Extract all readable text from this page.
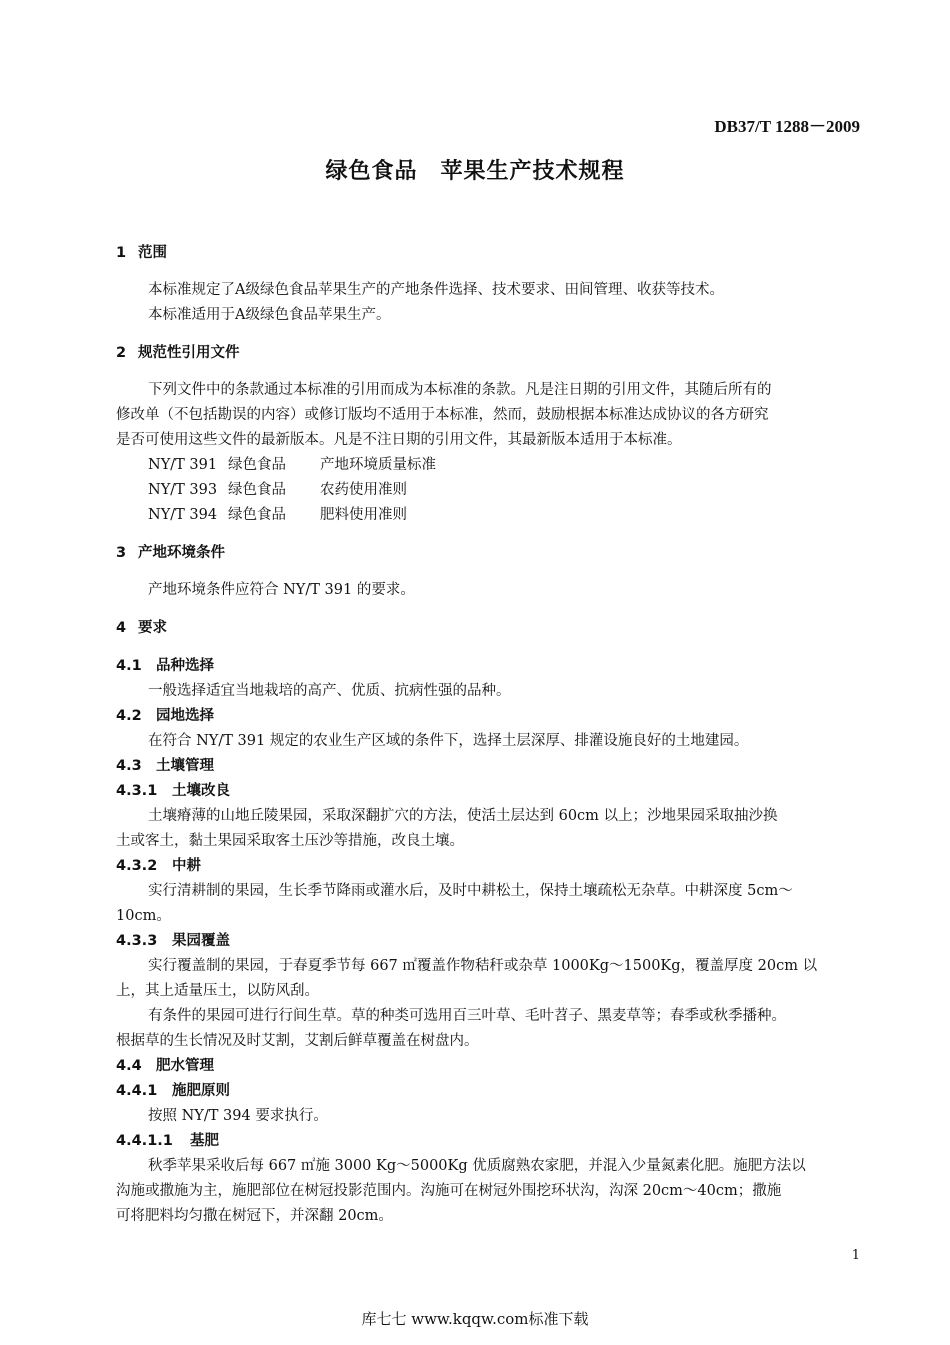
DB37/T 1288－2009
绿色食品　苹果生产技术规程
1 范围
本标准规定了A级绿色食品苹果生产的产地条件选择、技术要求、田间管理、收获等技术。
本标准适用于A级绿色食品苹果生产。
2 规范性引用文件
下列文件中的条款通过本标准的引用而成为本标准的条款。凡是注日期的引用文件，其随后所有的
修改单（不包括勘误的内容）或修订版均不适用于本标准，然而，鼓励根据本标准达成协议的各方研究
是否可使用这些文件的最新版本。凡是不注日期的引用文件，其最新版本适用于本标准。
NY/T 391 绿色食品 产地环境质量标准
NY/T 393 绿色食品 农药使用准则
NY/T 394 绿色食品 肥料使用准则
3 产地环境条件
产地环境条件应符合 NY/T 391 的要求。
4 要求
4.1 品种选择
一般选择适宜当地栽培的高产、优质、抗病性强的品种。
4.2 园地选择
在符合 NY/T 391 规定的农业生产区域的条件下，选择土层深厚、排灌设施良好的土地建园。
4.3 土壤管理
4.3.1 土壤改良
土壤瘠薄的山地丘陵果园，采取深翻扩穴的方法，使活土层达到 60cm 以上；沙地果园采取抽沙换
土或客土，黏土果园采取客土压沙等措施，改良土壤。
4.3.2 中耕
实行清耕制的果园，生长季节降雨或灌水后，及时中耕松土，保持土壤疏松无杂草。中耕深度 5cm～
10cm。
4.3.3 果园覆盖
实行覆盖制的果园，于春夏季节每 667 ㎡覆盖作物秸秆或杂草 1000Kg～1500Kg，覆盖厚度 20cm 以
上，其上适量压土，以防风刮。
有条件的果园可进行行间生草。草的种类可选用百三叶草、毛叶苕子、黑麦草等；春季或秋季播种。
根据草的生长情况及时艾割，艾割后鲜草覆盖在树盘内。
4.4 肥水管理
4.4.1 施肥原则
按照 NY/T 394 要求执行。
4.4.1.1 基肥
秋季苹果采收后每 667 ㎡施 3000 Kg～5000Kg 优质腐熟农家肥，并混入少量氮素化肥。施肥方法以
沟施或撒施为主，施肥部位在树冠投影范围内。沟施可在树冠外围挖环状沟，沟深 20cm～40cm；撒施
可将肥料均匀撒在树冠下，并深翻 20cm。
1
库七七 www.kqqw.com标准下载
